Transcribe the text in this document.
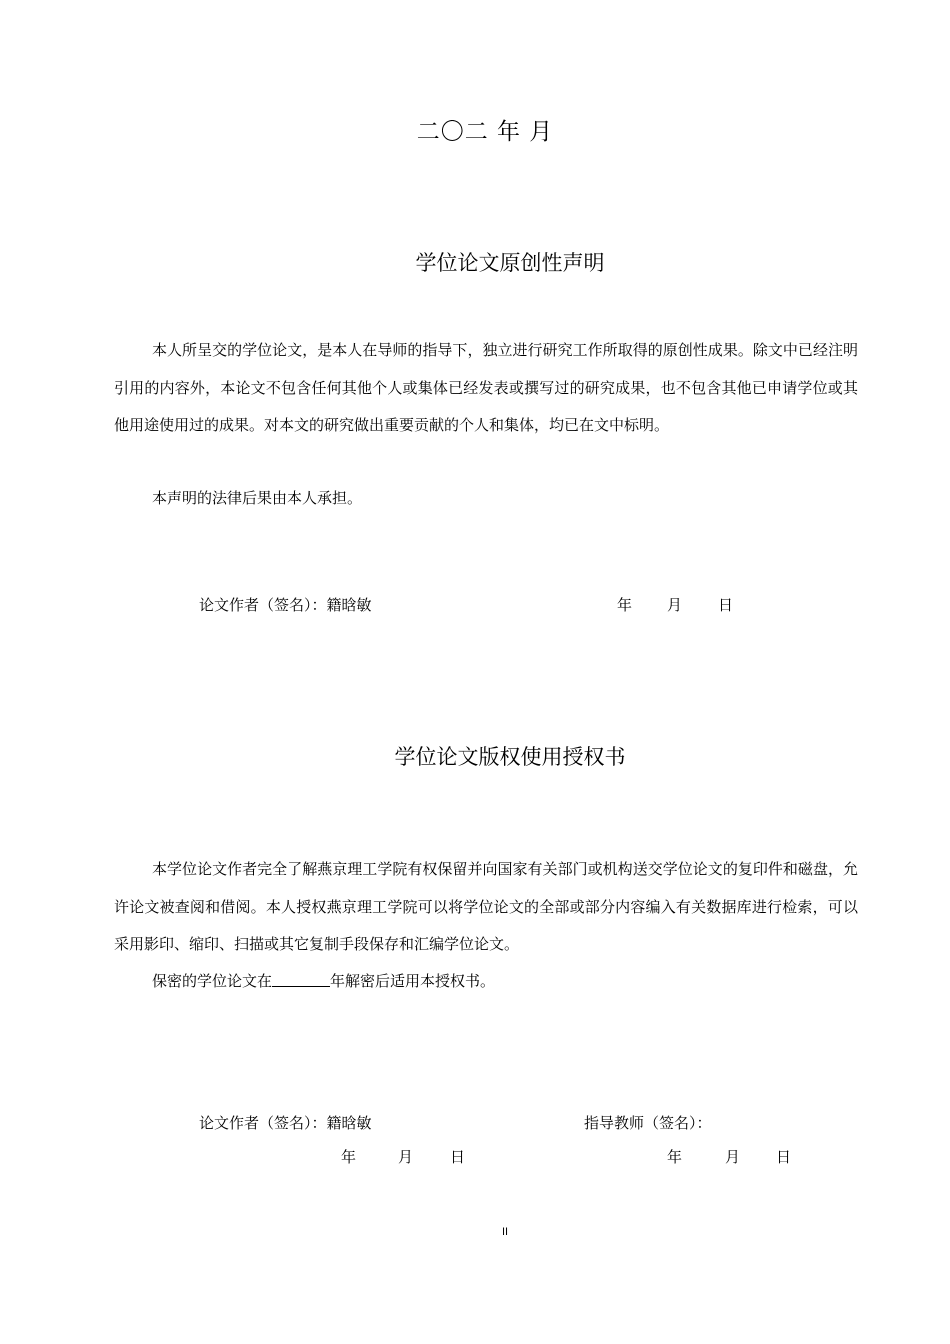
二〇二 年 月
学位论文原创性声明

本人所呈交的学位论文，是本人在导师的指导下，独立进行研究工作所取得的原创性成果。除文中已经注明引用的内容外，本论文不包含任何其他个人或集体已经发表或撰写过的研究成果，也不包含其他已申请学位或其他用途使用过的成果。对本文的研究做出重要贡献的个人和集体，均已在文中标明。

本声明的法律后果由本人承担。

论文作者（签名）：籍晗敏	年 月 日
学位论文版权使用授权书

本学位论文作者完全了解燕京理工学院有权保留并向国家有关部门或机构送交学位论文的复印件和磁盘，允许论文被查阅和借阅。本人授权燕京理工学院可以将学位论文的全部或部分内容编入有关数据库进行检索，可以采用影印、缩印、扫描或其它复制手段保存和汇编学位论文。

保密的学位论文在	年解密后适用本授权书。

论文作者（签名）：籍晗敏	指导教师（签名）：
年	月 日	年	月 日
II
